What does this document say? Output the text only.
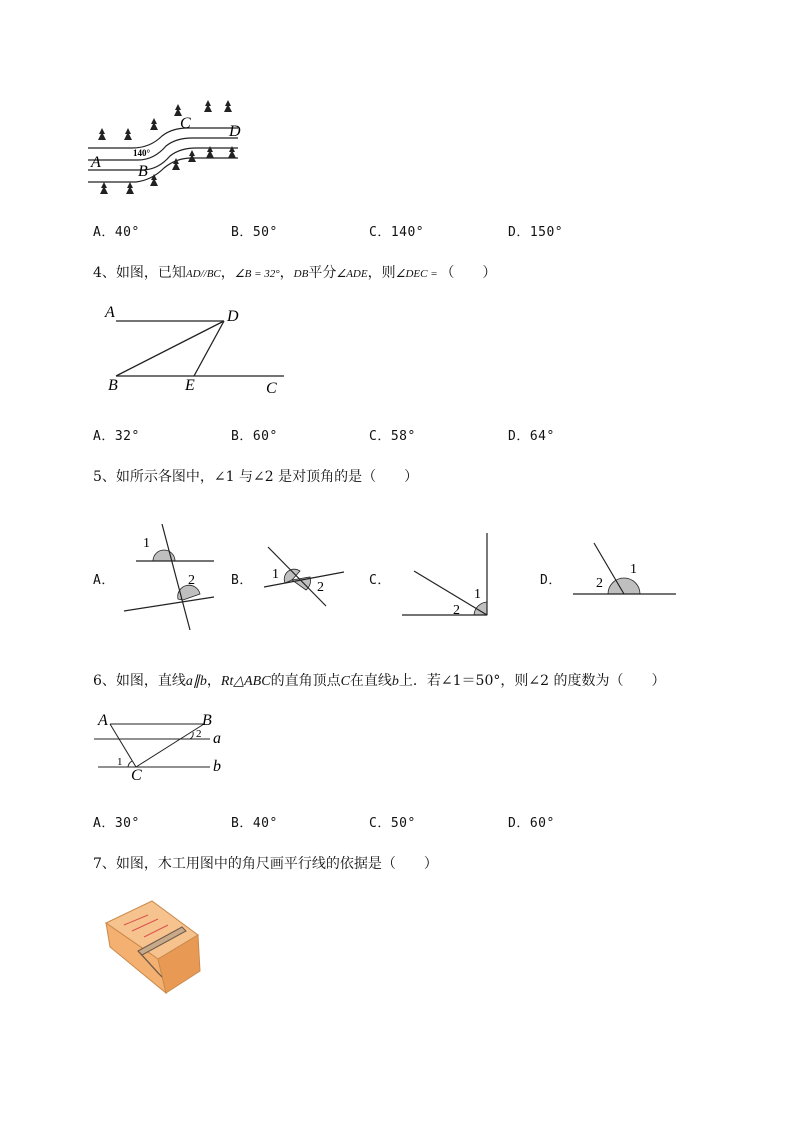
A
B
C D
140°
A．40°	B．50°	C．140°	D．150°
4、如图，已知AD//BC，∠B = 32°，DB平分∠ADE，则∠DEC = （　　）
A	D
B	E	C
A．32°	B．60°	C．58°	D．64°
5、如所示各图中，∠1 与∠2 是对顶角的是（　　）
A．
1
2	B． 1
2	C．
1
2
D．
1
2
6、如图，直线a∥b，Rt△ABC的直角顶点C在直线b上．若∠1＝50°，则∠2 的度数为（　　）
A	B
C
a
b
1
2
A．30°	B．40°	C．50°	D．60°
7、如图，木工用图中的角尺画平行线的依据是（　　）
